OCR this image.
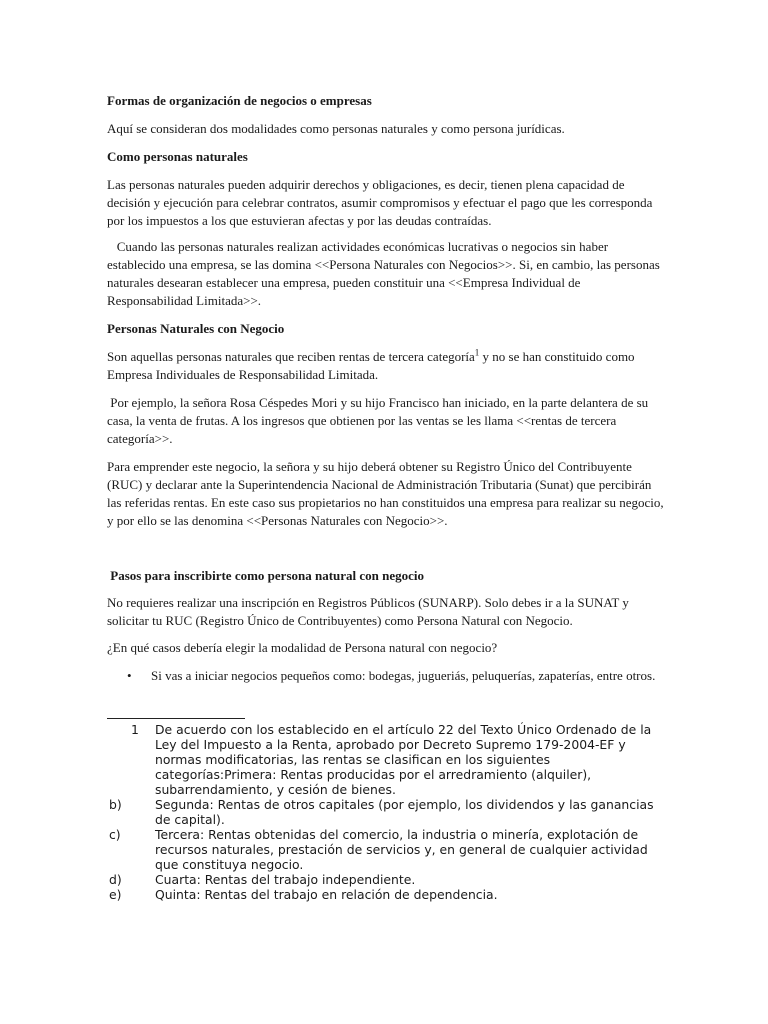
Formas de organización de negocios o empresas

Aquí se consideran dos modalidades como personas naturales y como persona jurídicas.

Como personas naturales

Las personas naturales pueden adquirir derechos y obligaciones, es decir, tienen plena capacidad de decisión y ejecución para celebrar contratos, asumir compromisos y efectuar el pago que les corresponda por los impuestos a los que estuvieran afectas y por las deudas contraídas.

Cuando las personas naturales realizan actividades económicas lucrativas o negocios sin haber establecido una empresa, se las domina <<Persona Naturales con Negocios>>. Si, en cambio, las personas naturales desearan establecer una empresa, pueden constituir una <<Empresa Individual de Responsabilidad Limitada>>.

Personas Naturales con Negocio

Son aquellas personas naturales que reciben rentas de tercera categoría$^1$ y no se han constituido como Empresa Individuales de Responsabilidad Limitada.

Por ejemplo, la señora Rosa Céspedes Mori y su hijo Francisco han iniciado, en la parte delantera de su casa, la venta de frutas. A los ingresos que obtienen por las ventas se les llama <<rentas de tercera categoría>>.

Para emprender este negocio, la señora y su hijo deberá obtener su Registro Único del Contribuyente (RUC) y declarar ante la Superintendencia Nacional de Administración Tributaria (Sunat) que percibirán las referidas rentas. En este caso sus propietarios no han constituidos una empresa para realizar su negocio, y por ello se las denomina <<Personas Naturales con Negocio>>.

Pasos para inscribirte como persona natural con negocio

No requieres realizar una inscripción en Registros Públicos (SUNARP). Solo debes ir a la SUNAT y solicitar tu RUC (Registro Único de Contribuyentes) como Persona Natural con Negocio.

¿En qué casos debería elegir la modalidad de Persona natural con negocio?

• Si vas a iniciar negocios pequeños como: bodegas, jugueriás, peluquerías, zapaterías, entre otros.
1	De acuerdo con los establecido en el artículo 22 del Texto Único Ordenado de la Ley del Impuesto a la Renta, aprobado por Decreto Supremo 179-2004-EF y normas modificatorias, las rentas se clasifican en los siguientes categorías:Primera: Rentas producidas por el arredramiento (alquiler), subarrendamiento, y cesión de bienes.
b)	Segunda: Rentas de otros capitales (por ejemplo, los dividendos y las ganancias de capital).
c)	Tercera: Rentas obtenidas del comercio, la industria o minería, explotación de recursos naturales, prestación de servicios y, en general de cualquier actividad que constituya negocio.
d)	Cuarta: Rentas del trabajo independiente.
e)	Quinta: Rentas del trabajo en relación de dependencia.
